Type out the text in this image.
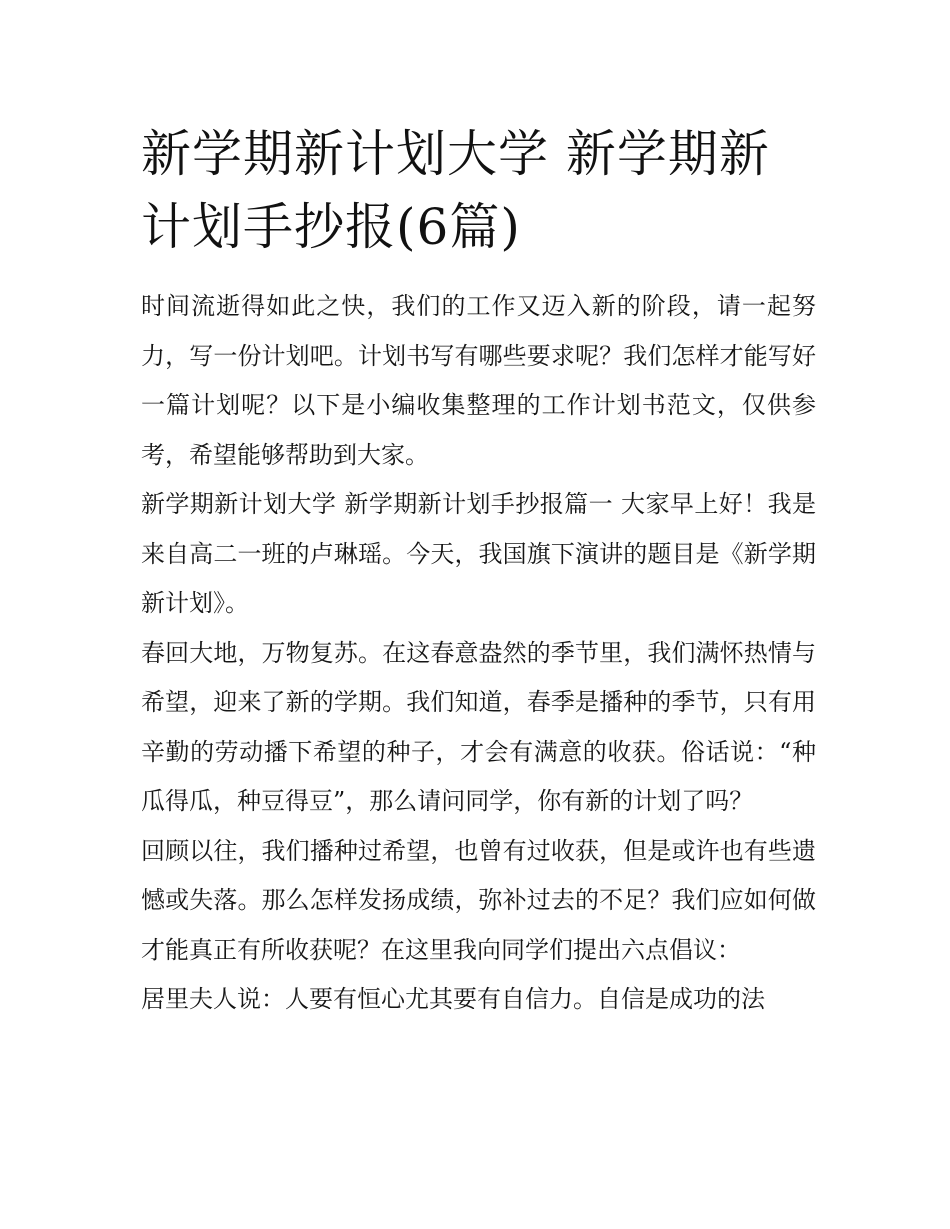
新学期新计划大学 新学期新计划手抄报(6篇)

时间流逝得如此之快，我们的工作又迈入新的阶段，请一起努力，写一份计划吧。计划书写有哪些要求呢？我们怎样才能写好一篇计划呢？以下是小编收集整理的工作计划书范文，仅供参考，希望能够帮助到大家。

新学期新计划大学 新学期新计划手抄报篇一 大家早上好！我是来自高二一班的卢琳瑶。今天，我国旗下演讲的题目是《新学期新计划》。

春回大地，万物复苏。在这春意盎然的季节里，我们满怀热情与希望，迎来了新的学期。我们知道，春季是播种的季节，只有用辛勤的劳动播下希望的种子，才会有满意的收获。俗话说：“种瓜得瓜，种豆得豆”，那么请问同学，你有新的计划了吗？

回顾以往，我们播种过希望，也曾有过收获，但是或许也有些遗憾或失落。那么怎样发扬成绩，弥补过去的不足？我们应如何做才能真正有所收获呢？在这里我向同学们提出六点倡议：

居里夫人说：人要有恒心尤其要有自信力。自信是成功的法
